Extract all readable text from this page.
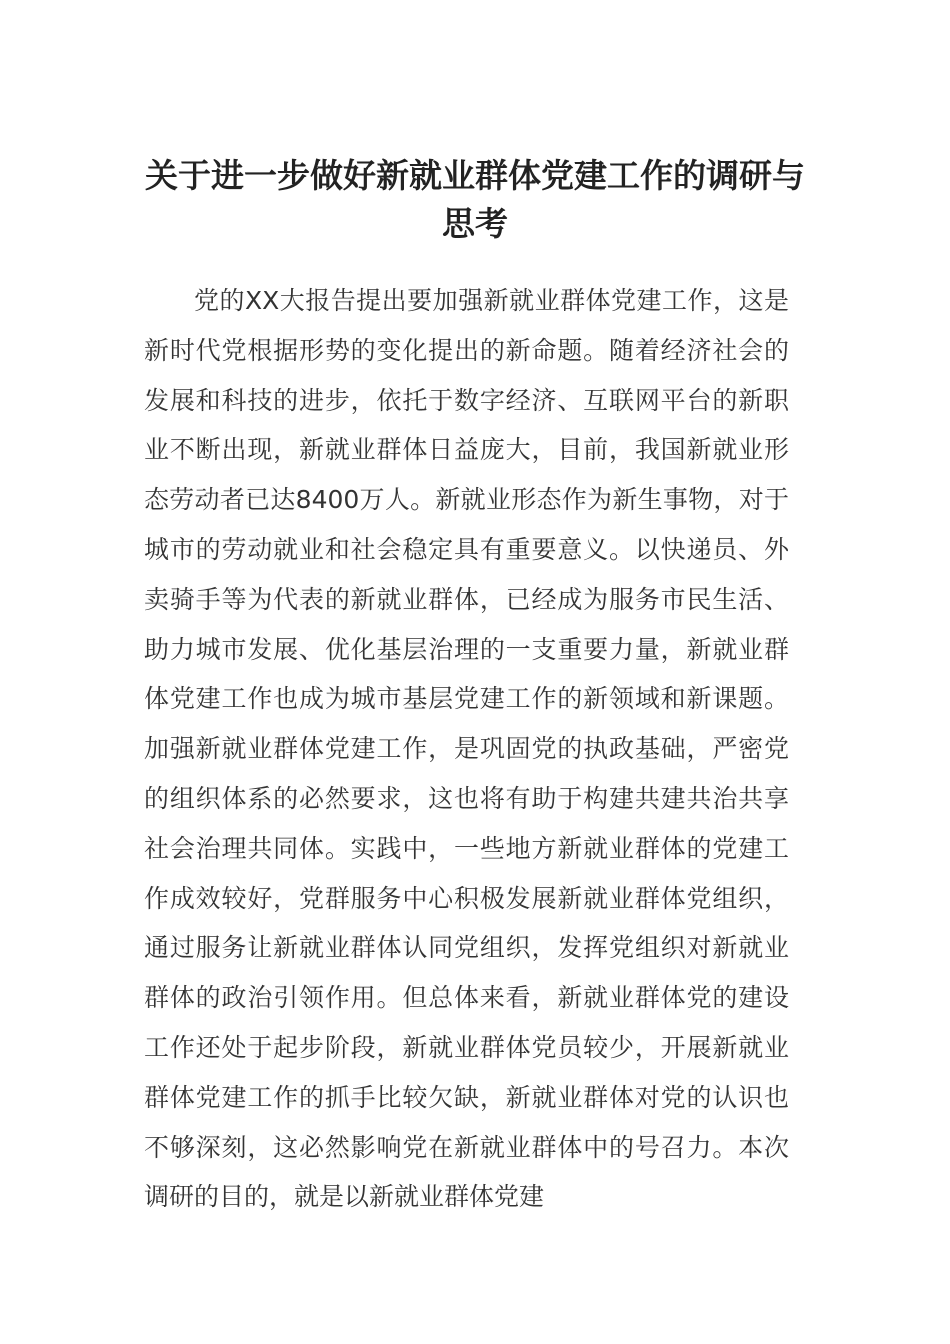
关于进一步做好新就业群体党建工作的调研与思考

党的XX大报告提出要加强新就业群体党建工作，这是新时代党根据形势的变化提出的新命题。随着经济社会的发展和科技的进步，依托于数字经济、互联网平台的新职业不断出现，新就业群体日益庞大，目前，我国新就业形态劳动者已达8400万人。新就业形态作为新生事物，对于城市的劳动就业和社会稳定具有重要意义。以快递员、外卖骑手等为代表的新就业群体，已经成为服务市民生活、助力城市发展、优化基层治理的一支重要力量，新就业群体党建工作也成为城市基层党建工作的新领域和新课题。加强新就业群体党建工作，是巩固党的执政基础，严密党的组织体系的必然要求，这也将有助于构建共建共治共享社会治理共同体。实践中，一些地方新就业群体的党建工作成效较好，党群服务中心积极发展新就业群体党组织，通过服务让新就业群体认同党组织，发挥党组织对新就业群体的政治引领作用。但总体来看，新就业群体党的建设工作还处于起步阶段，新就业群体党员较少，开展新就业群体党建工作的抓手比较欠缺，新就业群体对党的认识也不够深刻，这必然影响党在新就业群体中的号召力。本次调研的目的，就是以新就业群体党建
